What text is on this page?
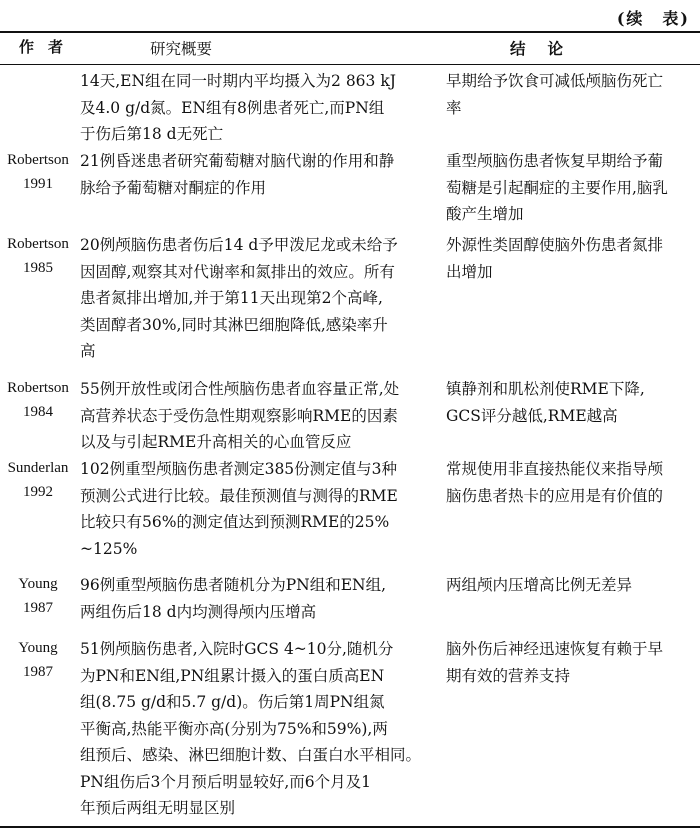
(续　表)
作者	研究概要	结论
14天,EN组在同一时期内平均摄入为2 863 kJ
及4.0 g/d氮。EN组有8例患者死亡,而PN组
于伤后第18 d无死亡
早期给予饮食可减低颅脑伤死亡
率
Robertson
1991
21例昏迷患者研究葡萄糖对脑代谢的作用和静
脉给予葡萄糖对酮症的作用
重型颅脑伤患者恢复早期给予葡
萄糖是引起酮症的主要作用,脑乳
酸产生增加
Robertson
1985
20例颅脑伤患者伤后14 d予甲泼尼龙或未给予
因固醇,观察其对代谢率和氮排出的效应。所有
患者氮排出增加,并于第11天出现第2个高峰,
类固醇者30%,同时其淋巴细胞降低,感染率升
高
外源性类固醇使脑外伤患者氮排
出增加
Robertson
1984
55例开放性或闭合性颅脑伤患者血容量正常,处
高营养状态于受伤急性期观察影响RME的因素
以及与引起RME升高相关的心血管反应
镇静剂和肌松剂使RME下降,
GCS评分越低,RME越高
Sunderlan
1992
102例重型颅脑伤患者测定385份测定值与3种
预测公式进行比较。最佳预测值与测得的RME
比较只有56%的测定值达到预测RME的25%
~125%
常规使用非直接热能仪来指导颅
脑伤患者热卡的应用是有价值的
Young
1987
96例重型颅脑伤患者随机分为PN组和EN组,
两组伤后18 d内均测得颅内压增高
两组颅内压增高比例无差异
Young
1987
51例颅脑伤患者,入院时GCS 4~10分,随机分
为PN和EN组,PN组累计摄入的蛋白质高EN
组(8.75 g/d和5.7 g/d)。伤后第1周PN组氮
平衡高,热能平衡亦高(分别为75%和59%),两
组预后、感染、淋巴细胞计数、白蛋白水平相同。
PN组伤后3个月预后明显较好,而6个月及1
年预后两组无明显区别
脑外伤后神经迅速恢复有赖于早
期有效的营养支持
